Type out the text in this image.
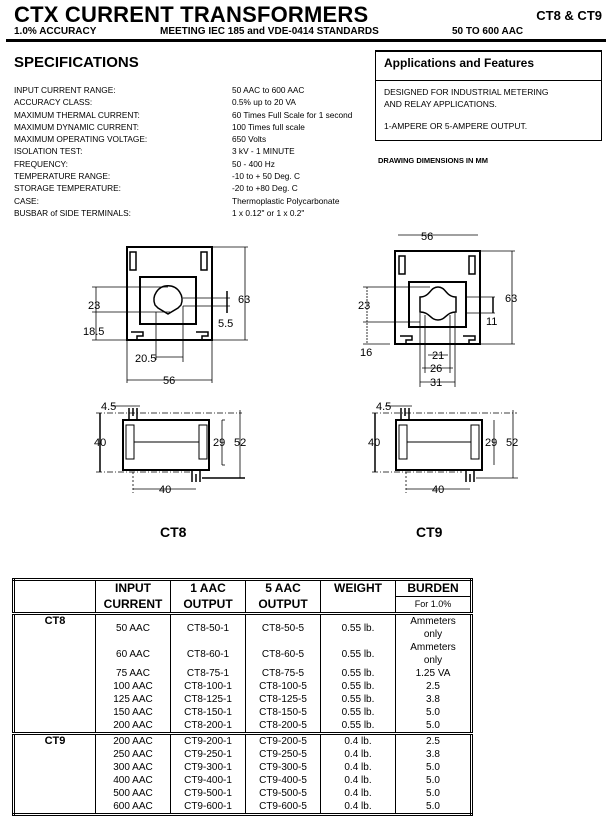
CTX CURRENT TRANSFORMERS	CT8 & CT9
1.0% ACCURACY	MEETING IEC 185 and VDE-0414 STANDARDS	50 TO 600 AAC
SPECIFICATIONS
INPUT CURRENT RANGE:	50 AAC to 600 AAC
ACCURACY CLASS:	0.5% up to 20 VA
MAXIMUM THERMAL CURRENT:	60 Times Full Scale for 1 second
MAXIMUM DYNAMIC CURRENT:	100 Times full scale
MAXIMUM OPERATING VOLTAGE:	650 Volts
ISOLATION TEST:	3 kV - 1 MINUTE
FREQUENCY:	50 - 400 Hz
TEMPERATURE RANGE:	-10 to + 50 Deg. C
STORAGE TEMPERATURE:	-20 to +80 Deg. C
CASE:	Thermoplastic Polycarbonate
BUSBAR of SIDE TERMINALS:	1 x 0.12" or 1 x 0.2"
Applications and Features
DESIGNED FOR INDUSTRIAL METERING
AND RELAY APPLICATIONS.
1-AMPERE OR 5-AMPERE OUTPUT.
DRAWING DIMENSIONS IN MM
23
18.5
20.5
56
63
5.5
56
23
16
63
11
21
26
31
4.5
40	29 52
40
CT8
4.5
40	29 52
40
CT9
	INPUT	1 AAC	5 AAC	WEIGHT	BURDEN
	CURRENT	OUTPUT	OUTPUT		For 1.0%
CT8	50 AAC	CT8-50-1	CT8-50-5	0.55 lb.	Ammeters only
	60 AAC	CT8-60-1	CT8-60-5	0.55 lb.	Ammeters only
	75 AAC	CT8-75-1	CT8-75-5	0.55 lb.	1.25 VA
	100 AAC	CT8-100-1	CT8-100-5	0.55 lb.	2.5
	125 AAC	CT8-125-1	CT8-125-5	0.55 lb.	3.8
	150 AAC	CT8-150-1	CT8-150-5	0.55 lb.	5.0
	200 AAC	CT8-200-1	CT8-200-5	0.55 lb.	5.0
CT9	200 AAC	CT9-200-1	CT9-200-5	0.4 lb.	2.5
	250 AAC	CT9-250-1	CT9-250-5	0.4 lb.	3.8
	300 AAC	CT9-300-1	CT9-300-5	0.4 lb.	5.0
	400 AAC	CT9-400-1	CT9-400-5	0.4 lb.	5.0
	500 AAC	CT9-500-1	CT9-500-5	0.4 lb.	5.0
	600 AAC	CT9-600-1	CT9-600-5	0.4 lb.	5.0
